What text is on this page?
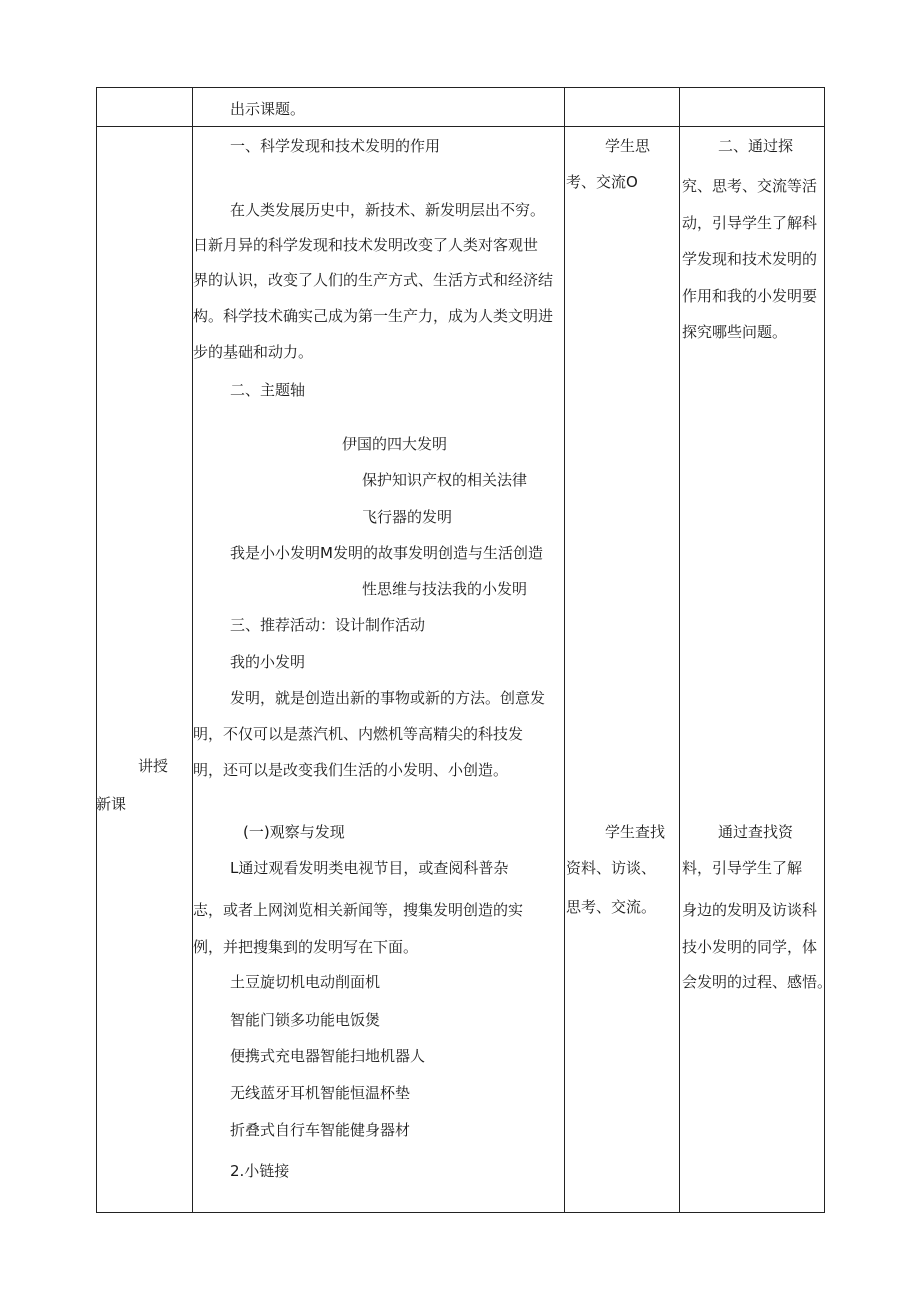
出示课题。
讲授
新课
一、科学发现和技术发明的作用
在人类发展历史中，新技术、新发明层出不穷。
日新月异的科学发现和技术发明改变了人类对客观世
界的认识，改变了人们的生产方式、生活方式和经济结
构。科学技术确实己成为第一生产力，成为人类文明进
步的基础和动力。
二、主题轴
伊国的四大发明
保护知识产权的相关法律
飞行器的发明
我是小小发明M发明的故事发明创造与生活创造
性思维与技法我的小发明
三、推荐活动：设计制作活动
我的小发明
发明，就是创造出新的事物或新的方法。创意发
明，不仅可以是蒸汽机、内燃机等高精尖的科技发
明，还可以是改变我们生活的小发明、小创造。
(一)观察与发现
L通过观看发明类电视节目，或查阅科普杂
志，或者上网浏览相关新闻等，搜集发明创造的实
例，并把搜集到的发明写在下面。
土豆旋切机电动削面机
智能门锁多功能电饭煲
便携式充电器智能扫地机器人
无线蓝牙耳机智能恒温杯垫
折叠式自行车智能健身器材
2.小链接
学生思
考、交流O
学生查找
资料、访谈、
思考、交流。
二、通过探
究、思考、交流等活
动，引导学生了解科
学发现和技术发明的
作用和我的小发明要
探究哪些问题。
通过查找资
料，引导学生了解
身边的发明及访谈科
技小发明的同学，体
会发明的过程、感悟。
